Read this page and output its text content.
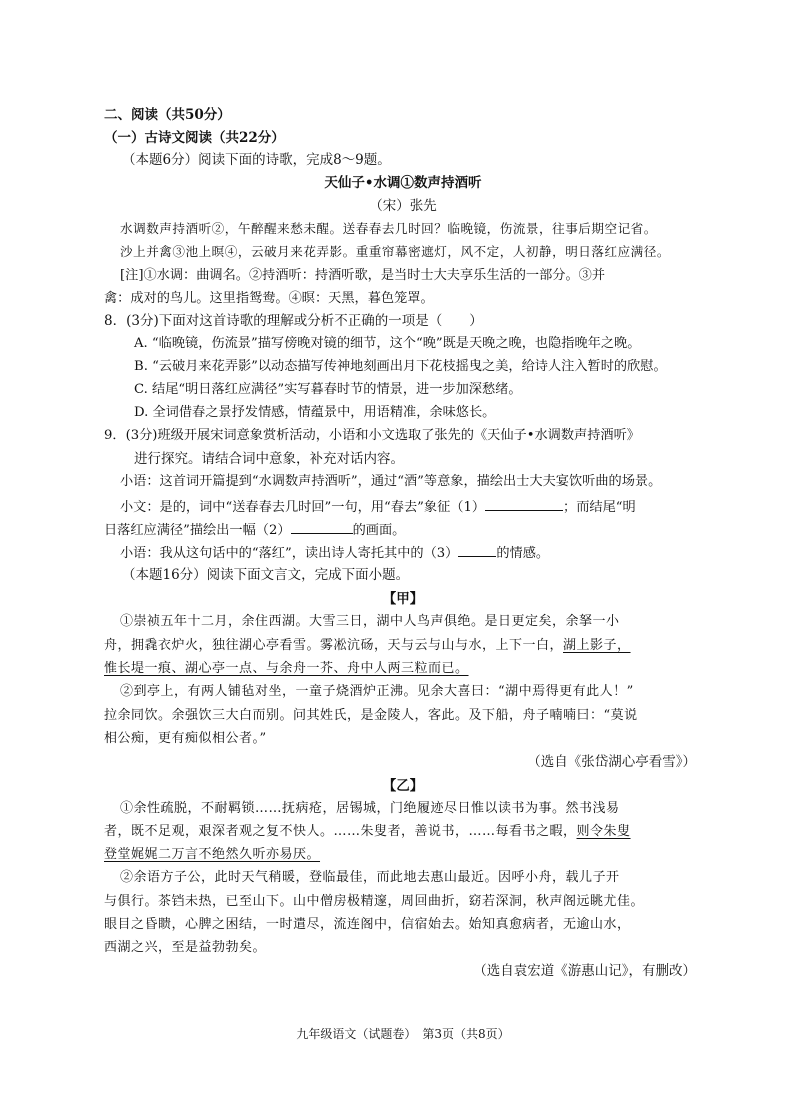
二、阅读（共50分）
（一）古诗文阅读（共22分）
（本题6分）阅读下面的诗歌，完成8～9题。
天仙子•水调①数声持酒听
（宋）张先
水调数声持酒听②，午醉醒来愁未醒。送春春去几时回？临晚镜，伤流景，往事后期空记省。
沙上并禽③池上暝④，云破月来花弄影。重重帘幕密遮灯，风不定，人初静，明日落红应满径。
[注]①水调：曲调名。②持酒听：持酒听歌，是当时士大夫享乐生活的一部分。③并
禽：成对的鸟儿。这里指鸳鸯。④暝：天黑，暮色笼罩。
8．(3分)下面对这首诗歌的理解或分析不正确的一项是（　　）
A. “临晚镜，伤流景”描写傍晚对镜的细节，这个“晚”既是天晚之晚，也隐指晚年之晚。
B. “云破月来花弄影”以动态描写传神地刻画出月下花枝摇曳之美，给诗人注入暂时的欣慰。
C. 结尾“明日落红应满径”实写暮春时节的情景，进一步加深愁绪。
D. 全词借春之景抒发情感，情蕴景中，用语精准，余味悠长。
9．(3分)班级开展宋词意象赏析活动，小语和小文选取了张先的《天仙子•水调数声持酒听》
进行探究。请结合词中意象，补充对话内容。
小语：这首词开篇提到“水调数声持酒听”，通过“酒”等意象，描绘出士大夫宴饮听曲的场景。
小文：是的，词中“送春春去几时回”一句，用“春去”象征（1）	；而结尾“明
日落红应满径”描绘出一幅（2）	的画面。
小语：我从这句话中的“落红”，读出诗人寄托其中的（3）	的情感。
（本题16分）阅读下面文言文，完成下面小题。
【甲】
①崇祯五年十二月，余住西湖。大雪三日，湖中人鸟声俱绝。是日更定矣，余拏一小
舟，拥毳衣炉火，独往湖心亭看雪。雾凇沆砀，天与云与山与水，上下一白，湖上影子，
惟长堤一痕、湖心亭一点、与余舟一芥、舟中人两三粒而已。
②到亭上，有两人铺毡对坐，一童子烧酒炉正沸。见余大喜曰：“湖中焉得更有此人！”
拉余同饮。余强饮三大白而别。问其姓氏，是金陵人，客此。及下船，舟子喃喃曰：“莫说
相公痴，更有痴似相公者。”
（选自《张岱湖心亭看雪》）
【乙】
①余性疏脱，不耐羁锁……抚病疮，居锡城，门绝履迹尽日惟以读书为事。然书浅易
者，既不足观，艰深者观之复不快人。……朱叟者，善说书，……每看书之暇，则令朱叟
登堂娓娓二万言不绝然久听亦易厌。
②余语方子公，此时天气稍暖，登临最佳，而此地去惠山最近。因呼小舟，载儿子开
与俱行。茶铛未热，已至山下。山中僧房极精邃，周回曲折，窈若深洞，秋声阁远眺尤佳。
眼目之昏瞆，心脾之困结，一时遣尽，流连阁中，信宿始去。始知真愈病者，无逾山水，
西湖之兴，至是益勃勃矣。
（选自袁宏道《游惠山记》，有删改）
九年级语文（试题卷）　第3页（共8页）
